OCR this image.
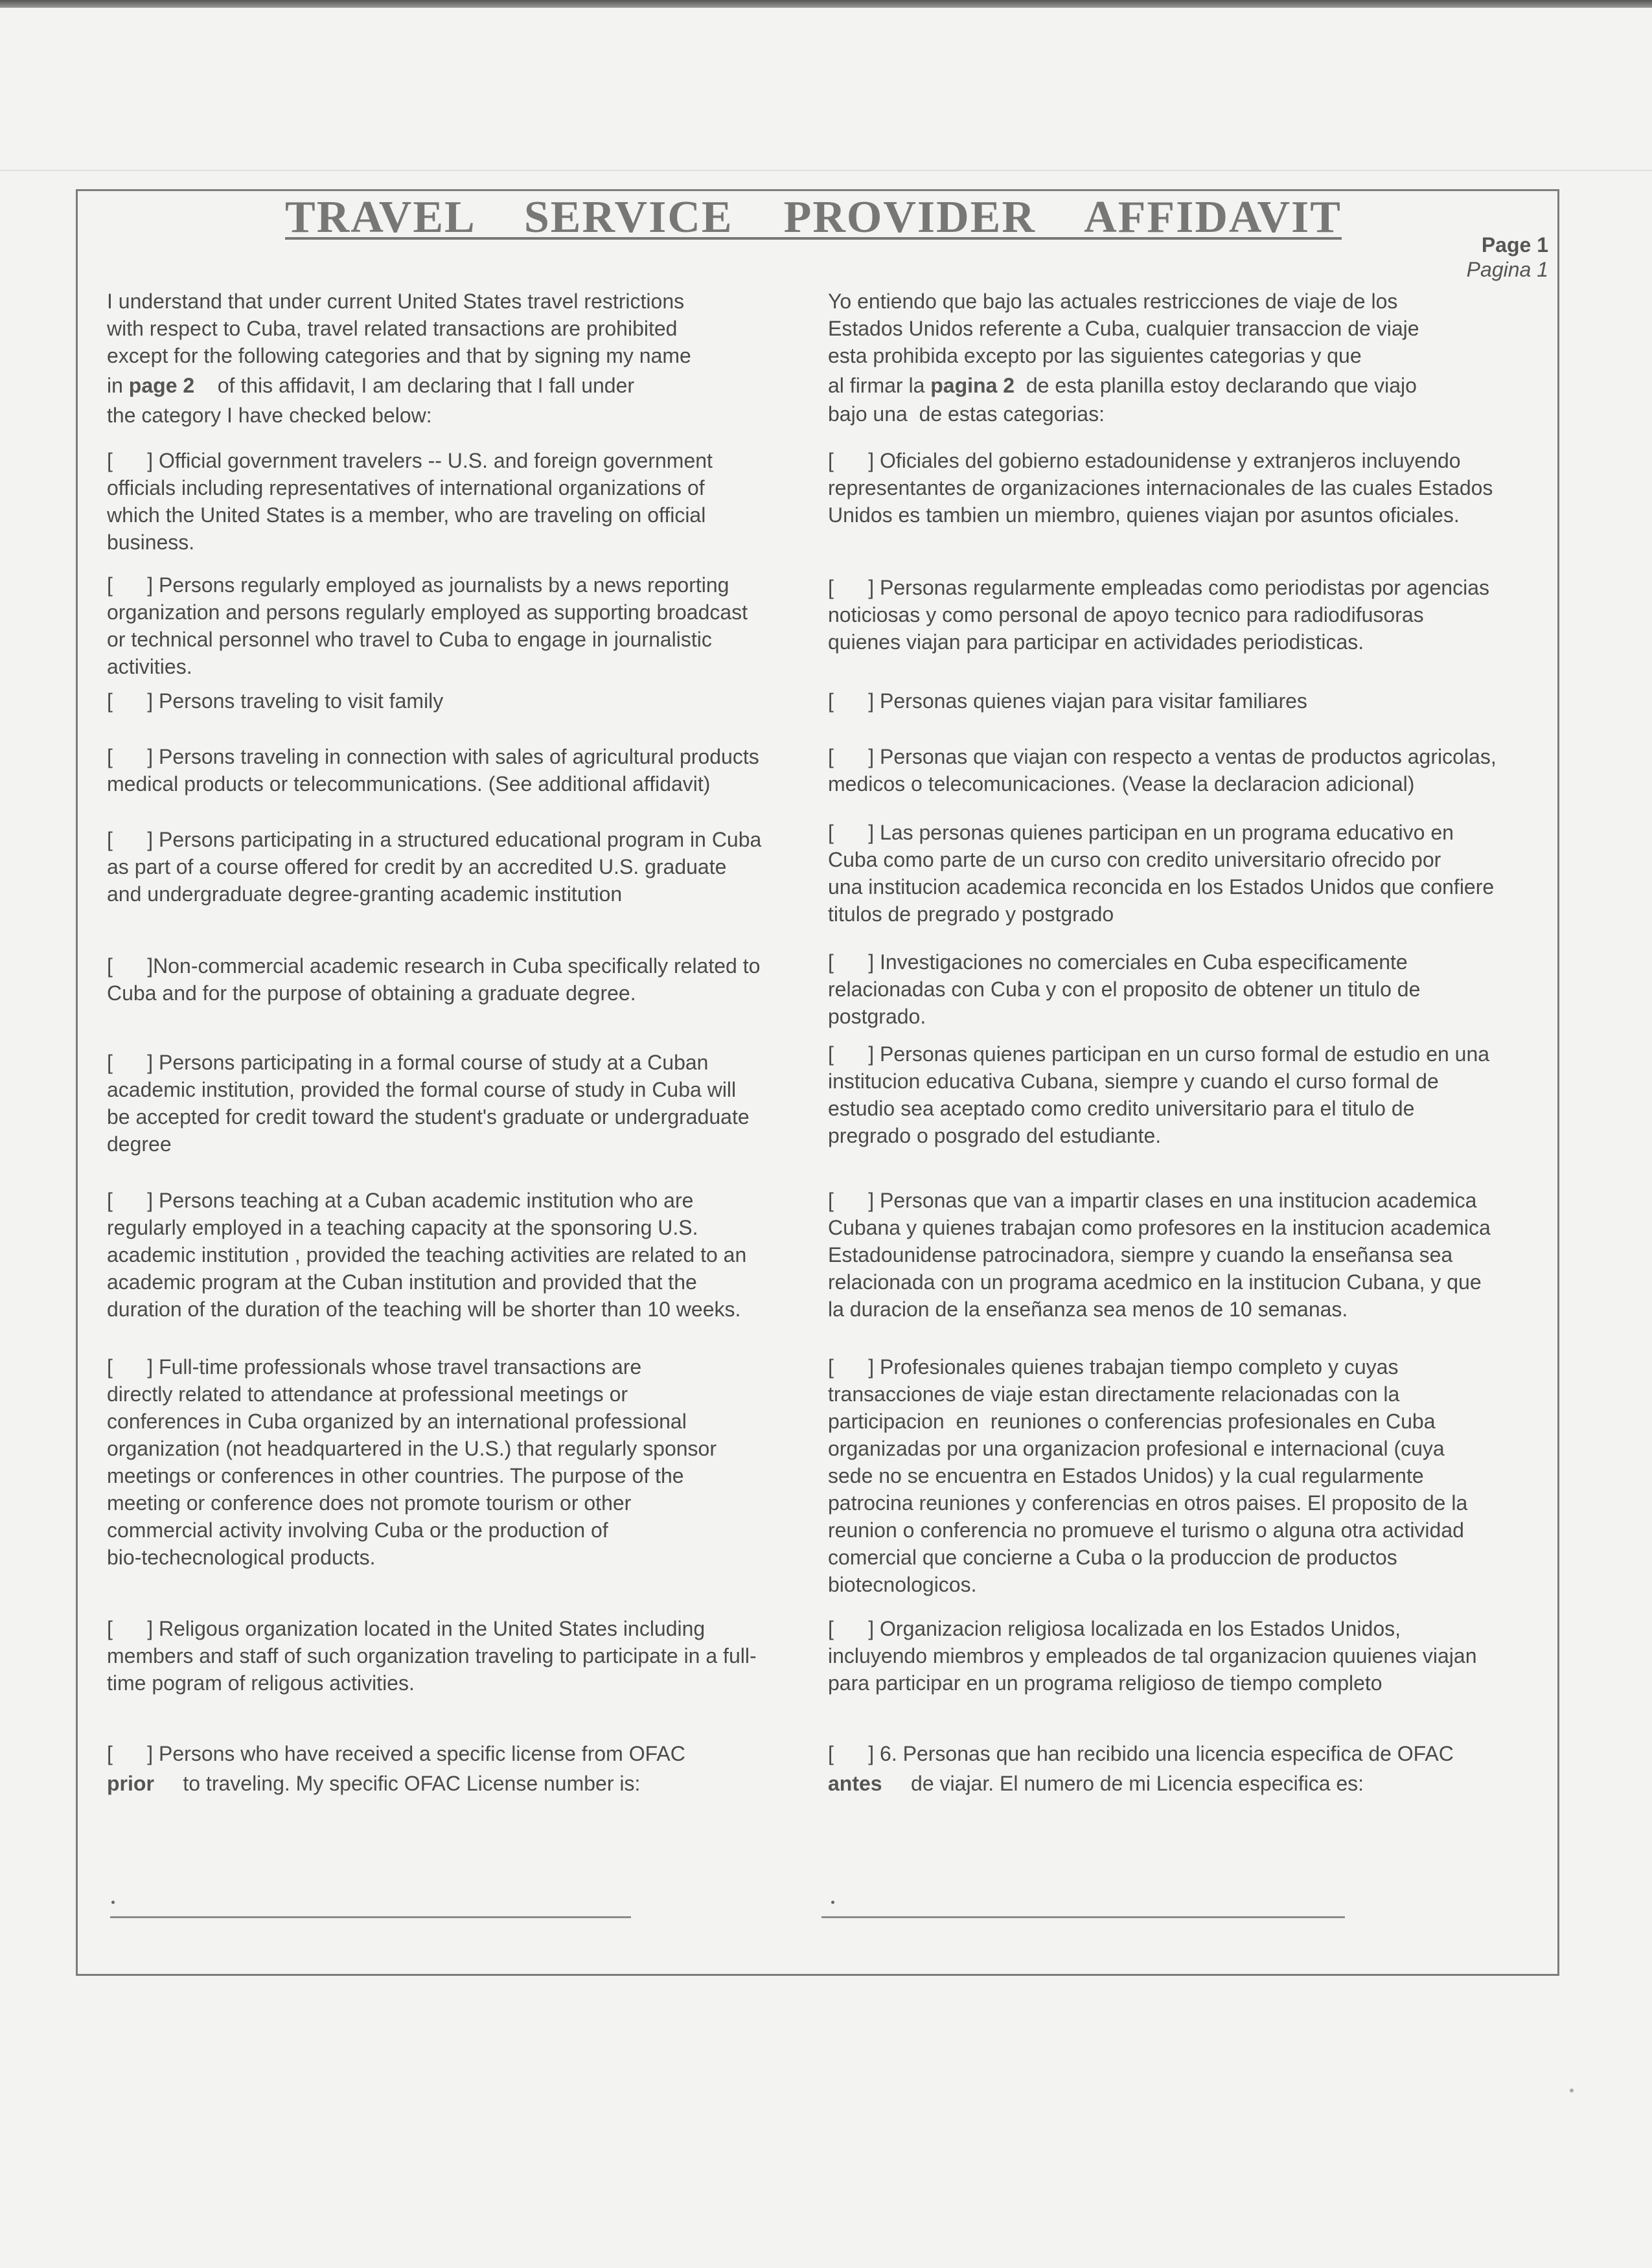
TRAVEL    SERVICE    PROVIDER    AFFIDAVIT
Page 1
Pagina 1
I understand that under current United States travel restrictions
with respect to Cuba, travel related transactions are prohibited
except for the following categories and that by signing my name
in page 2    of this affidavit, I am declaring that I fall under
the category I have checked below:
[      ] Official government travelers -- U.S. and foreign government
officials including representatives of international organizations of
which the United States is a member, who are traveling on official
business.
[      ] Persons regularly employed as journalists by a news reporting
organization and persons regularly employed as supporting broadcast
or technical personnel who travel to Cuba to engage in journalistic
activities.
[      ] Persons traveling to visit family
[      ] Persons traveling in connection with sales of agricultural products
medical products or telecommunications. (See additional affidavit)
[      ] Persons participating in a structured educational program in Cuba
as part of a course offered for credit by an accredited U.S. graduate
and undergraduate degree-granting academic institution
[      ]Non-commercial academic research in Cuba specifically related to
Cuba and for the purpose of obtaining a graduate degree.
[      ] Persons participating in a formal course of study at a Cuban
academic institution, provided the formal course of study in Cuba will
be accepted for credit toward the student's graduate or undergraduate
degree
[      ] Persons teaching at a Cuban academic institution who are
regularly employed in a teaching capacity at the sponsoring U.S.
academic institution , provided the teaching activities are related to an
academic program at the Cuban institution and provided that the
duration of the duration of the teaching will be shorter than 10 weeks.
[      ] Full-time professionals whose travel transactions are
directly related to attendance at professional meetings or
conferences in Cuba organized by an international professional
organization (not headquartered in the U.S.) that regularly sponsor
meetings or conferences in other countries. The purpose of the
meeting or conference does not promote tourism or other
commercial activity involving Cuba or the production of
bio-techecnological products.
[      ] Religous organization located in the United States including
members and staff of such organization traveling to participate in a full-
time pogram of religous activities.
[      ] Persons who have received a specific license from OFAC
prior     to traveling. My specific OFAC License number is:
Yo entiendo que bajo las actuales restricciones de viaje de los
Estados Unidos referente a Cuba, cualquier transaccion de viaje
esta prohibida excepto por las siguientes categorias y que
al firmar la pagina 2  de esta planilla estoy declarando que viajo
bajo una  de estas categorias:
[      ] Oficiales del gobierno estadounidense y extranjeros incluyendo
representantes de organizaciones internacionales de las cuales Estados
Unidos es tambien un miembro, quienes viajan por asuntos oficiales.
[      ] Personas regularmente empleadas como periodistas por agencias
noticiosas y como personal de apoyo tecnico para radiodifusoras
quienes viajan para participar en actividades periodisticas.
[      ] Personas quienes viajan para visitar familiares
[      ] Personas que viajan con respecto a ventas de productos agricolas,
medicos o telecomunicaciones. (Vease la declaracion adicional)
[      ] Las personas quienes participan en un programa educativo en
Cuba como parte de un curso con credito universitario ofrecido por
una institucion academica reconcida en los Estados Unidos que confiere
titulos de pregrado y postgrado
[      ] Investigaciones no comerciales en Cuba especificamente
relacionadas con Cuba y con el proposito de obtener un titulo de
postgrado.
[      ] Personas quienes participan en un curso formal de estudio en una
institucion educativa Cubana, siempre y cuando el curso formal de
estudio sea aceptado como credito universitario para el titulo de
pregrado o posgrado del estudiante.
[      ] Personas que van a impartir clases en una institucion academica
Cubana y quienes trabajan como profesores en la institucion academica
Estadounidense patrocinadora, siempre y cuando la enseñansa sea
relacionada con un programa acedmico en la institucion Cubana, y que
la duracion de la enseñanza sea menos de 10 semanas.
[      ] Profesionales quienes trabajan tiempo completo y cuyas
transacciones de viaje estan directamente relacionadas con la
participacion  en  reuniones o conferencias profesionales en Cuba
organizadas por una organizacion profesional e internacional (cuya
sede no se encuentra en Estados Unidos) y la cual regularmente
patrocina reuniones y conferencias en otros paises. El proposito de la
reunion o conferencia no promueve el turismo o alguna otra actividad
comercial que concierne a Cuba o la produccion de productos
biotecnologicos.
[      ] Organizacion religiosa localizada en los Estados Unidos,
incluyendo miembros y empleados de tal organizacion quuienes viajan
para participar en un programa religioso de tiempo completo
[      ] 6. Personas que han recibido una licencia especifica de OFAC
antes     de viajar. El numero de mi Licencia especifica es:
